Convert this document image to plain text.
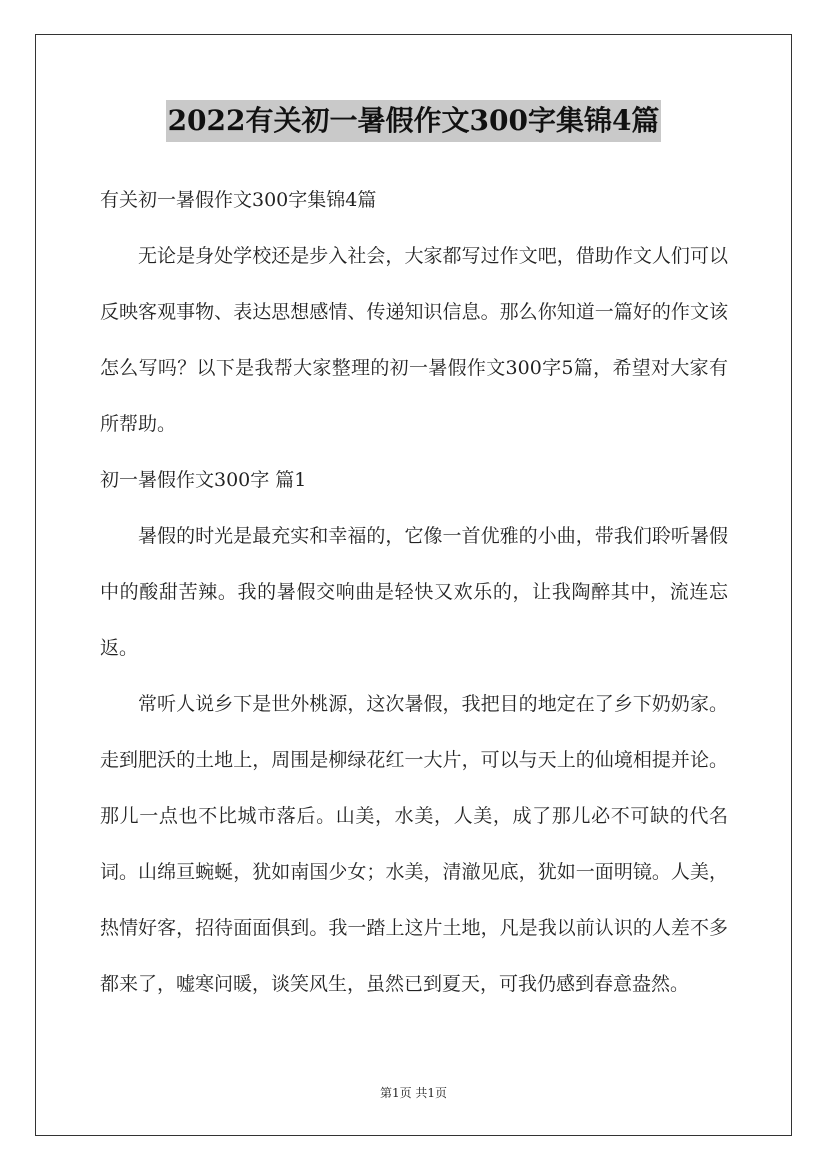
2022有关初一暑假作文300字集锦4篇
有关初一暑假作文300字集锦4篇
无论是身处学校还是步入社会，大家都写过作文吧，借助作文人们可以反映客观事物、表达思想感情、传递知识信息。那么你知道一篇好的作文该怎么写吗？以下是我帮大家整理的初一暑假作文300字5篇，希望对大家有所帮助。
初一暑假作文300字 篇1
暑假的时光是最充实和幸福的，它像一首优雅的小曲，带我们聆听暑假中的酸甜苦辣。我的暑假交响曲是轻快又欢乐的，让我陶醉其中，流连忘返。
常听人说乡下是世外桃源，这次暑假，我把目的地定在了乡下奶奶家。走到肥沃的土地上，周围是柳绿花红一大片，可以与天上的仙境相提并论。那儿一点也不比城市落后。山美，水美，人美，成了那儿必不可缺的代名词。山绵亘蜿蜒，犹如南国少女；水美，清澈见底，犹如一面明镜。人美，热情好客，招待面面俱到。我一踏上这片土地，凡是我以前认识的人差不多都来了，嘘寒问暖，谈笑风生，虽然已到夏天，可我仍感到春意盎然。
第1页 共1页
